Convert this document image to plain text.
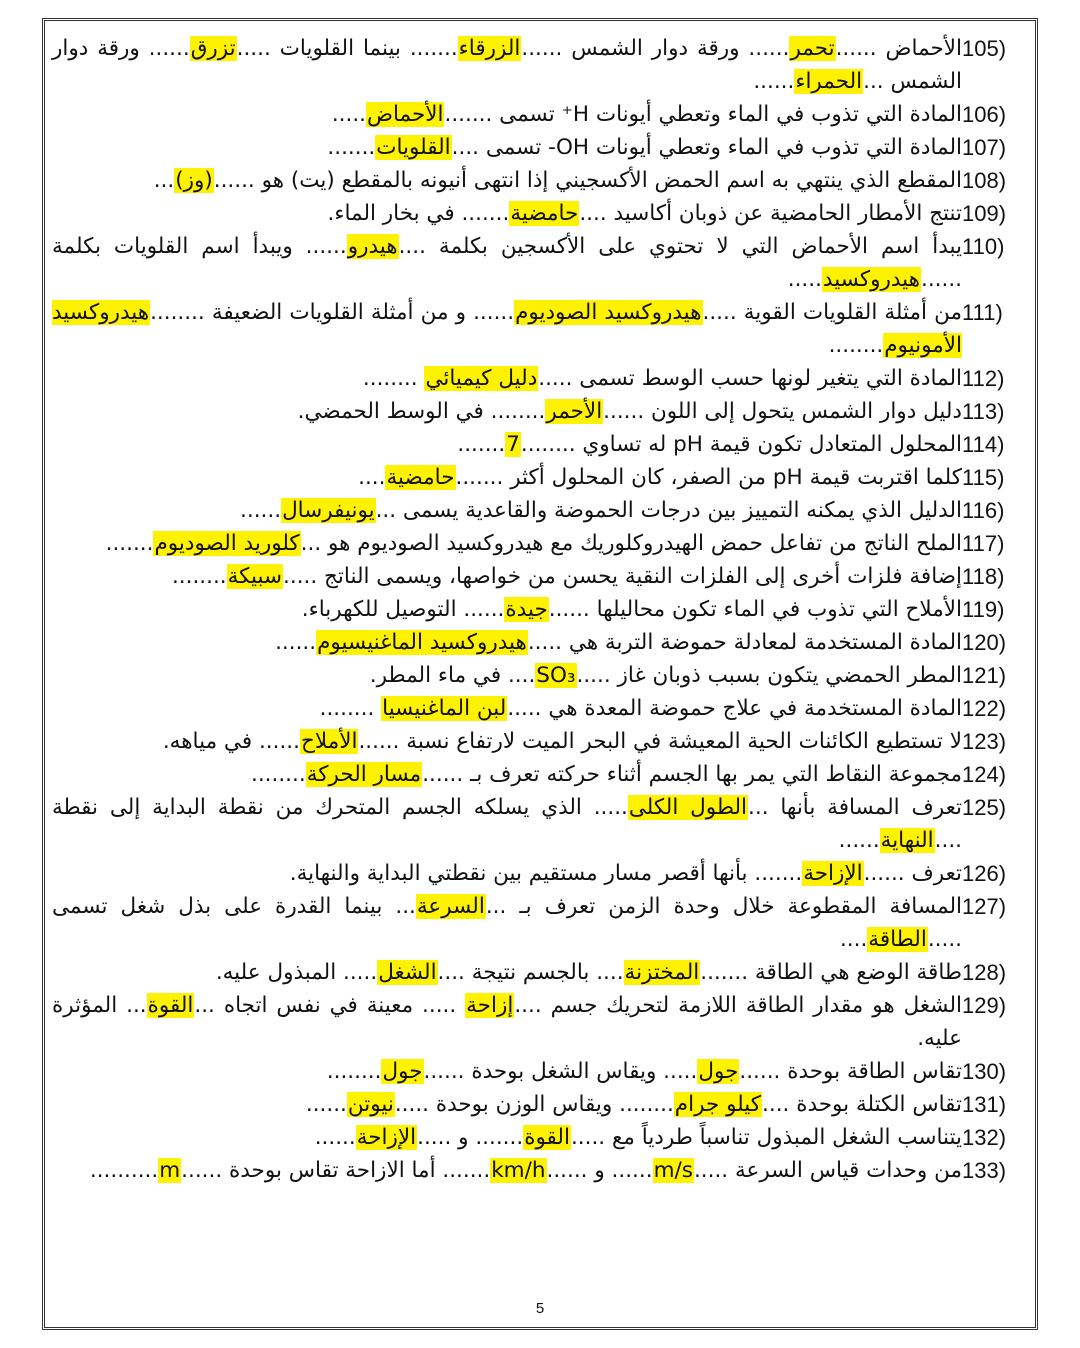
105)
الأحماض ......تحمر...... ورقة دوار الشمس ......الزرقاء....... بينما القلويات .....تزرق...... ورقة دوار الشمس ...الحمراء......
106)
المادة التي تذوب في الماء وتعطي أيونات H⁺ تسمى .......الأحماض.....
107)
المادة التي تذوب في الماء وتعطي أيونات OH- تسمى ....القلويات.......
108)
المقطع الذي ينتهي به اسم الحمض الأكسجيني إذا انتهى أنيونه بالمقطع (يت) هو ......(وز)...
109)
تنتج الأمطار الحامضية عن ذوبان أكاسيد ....حامضية....... في بخار الماء.
110)
يبدأ اسم الأحماض التي لا تحتوي على الأكسجين بكلمة ....هيدرو...... ويبدأ اسم القلويات بكلمة ......هيدروكسيد.....
111)
من أمثلة القلويات القوية .....هيدروكسيد الصوديوم...... و من أمثلة القلويات الضعيفة ........هيدروكسيد الأمونيوم........
112)
المادة التي يتغير لونها حسب الوسط تسمى .....دليل كيميائي ........
113)
دليل دوار الشمس يتحول إلى اللون ......الأحمر........ في الوسط الحمضي.
114)
المحلول المتعادل تكون قيمة pH له تساوي ........7.......
115)
كلما اقتربت قيمة pH من الصفر، كان المحلول أكثر .......حامضية....
116)
الدليل الذي يمكنه التمييز بين درجات الحموضة والقاعدية يسمى ...يونيفرسال......
117)
الملح الناتج من تفاعل حمض الهيدروكلوريك مع هيدروكسيد الصوديوم هو ...كلوريد الصوديوم.......
118)
إضافة فلزات أخرى إلى الفلزات النقية يحسن من خواصها، ويسمى الناتج .....سبيكة........
119)
الأملاح التي تذوب في الماء تكون محاليلها ......جيدة...... التوصيل للكهرباء.
120)
المادة المستخدمة لمعادلة حموضة التربة هي .....هيدروكسيد الماغنيسيوم......
121)
المطر الحمضي يتكون بسبب ذوبان غاز .....SO₃.... في ماء المطر.
122)
المادة المستخدمة في علاج حموضة المعدة هي .....لبن الماغنيسيا ........
123)
لا تستطيع الكائنات الحية المعيشة في البحر الميت لارتفاع نسبة ......الأملاح...... في مياهه.
124)
مجموعة النقاط التي يمر بها الجسم أثناء حركته تعرف بـ ......مسار الحركة........
125)
تعرف المسافة بأنها ...الطول الكلى..... الذي يسلكه الجسم المتحرك من نقطة البداية إلى نقطة ....النهاية......
126)
تعرف ......الإزاحة....... بأنها أقصر مسار مستقيم بين نقطتي البداية والنهاية.
127)
المسافة المقطوعة خلال وحدة الزمن تعرف بـ ...السرعة... بينما القدرة على بذل شغل تسمى .....الطاقة....
128)
طاقة الوضع هي الطاقة .......المختزنة.... بالجسم نتيجة ....الشغل..... المبذول عليه.
129)
الشغل هو مقدار الطاقة اللازمة لتحريك جسم ....إزاحة ..... معينة في نفس اتجاه ...القوة... المؤثرة عليه.
130)
تقاس الطاقة بوحدة ......جول..... ويقاس الشغل بوحدة ......جول........
131)
تقاس الكتلة بوحدة ....كيلو جرام........ ويقاس الوزن بوحدة .....نيوتن......
132)
يتناسب الشغل المبذول تناسباً طردياً مع .....القوة....... و .....الإزاحة......
133)
من وحدات قياس السرعة .....m/s...... و ......km/h....... أما الازاحة تقاس بوحدة ......m..........
5
